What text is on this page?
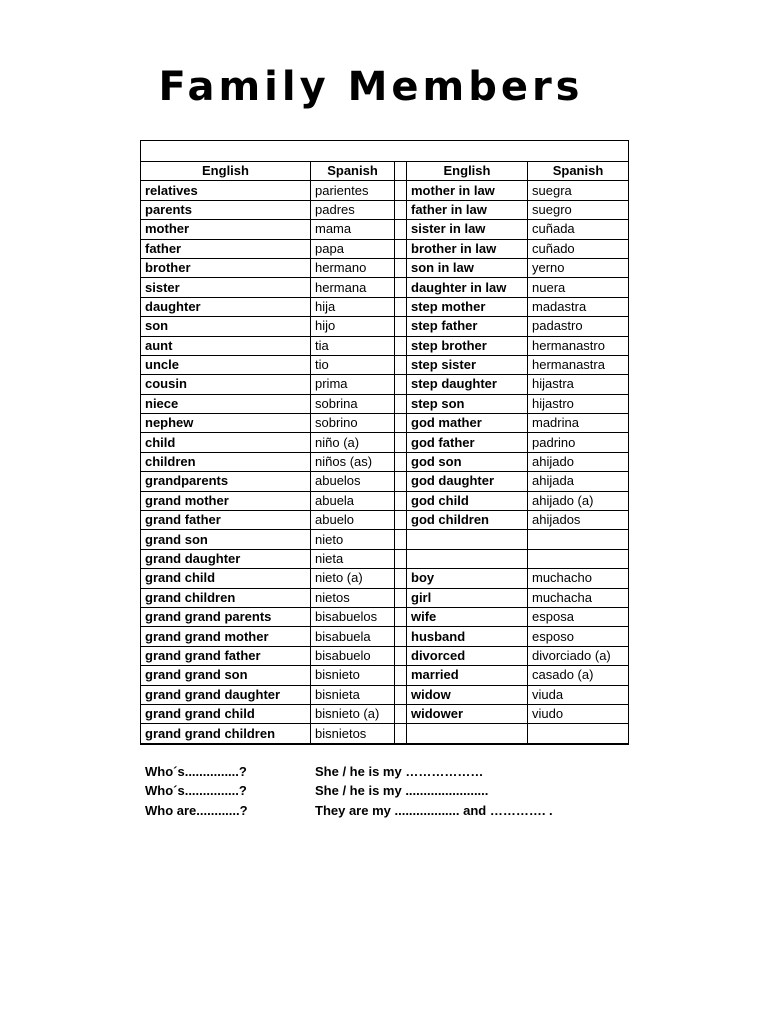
Family Members

English	Spanish		English	Spanish
relatives	parientes		mother in law	suegra
parents	padres		father in law	suegro
mother	mama		sister in law	cuñada
father	papa		brother in law	cuñado
brother	hermano		son in law	yerno
sister	hermana		daughter in law	nuera
daughter	hija		step mother	madastra
son	hijo		step father	padastro
aunt	tia		step brother	hermanastro
uncle	tio		step sister	hermanastra
cousin	prima		step daughter	hijastra
niece	sobrina		step son	hijastro
nephew	sobrino		god mather	madrina
child	niño (a)		god father	padrino
children	niños (as)		god son	ahijado
grandparents	abuelos		god daughter	ahijada
grand mother	abuela		god child	ahijado (a)
grand father	abuelo		god children	ahijados
grand son	nieto			
grand daughter	nieta			
grand child	nieto (a)		boy	muchacho
grand children	nietos		girl	muchacha
grand grand parents	bisabuelos		wife	esposa
grand grand mother	bisabuela		husband	esposo
grand grand father	bisabuelo		divorced	divorciado (a)
grand grand son	bisnieto		married	casado (a)
grand grand daughter	bisnieta		widow	viuda
grand grand child	bisnieto (a)		widower	viudo
grand grand children	bisnietos			
Who´s...............?	She / he is my ………………
Who´s...............?	She / he is my .......................
Who are............?	They are my .................. and …………. .
